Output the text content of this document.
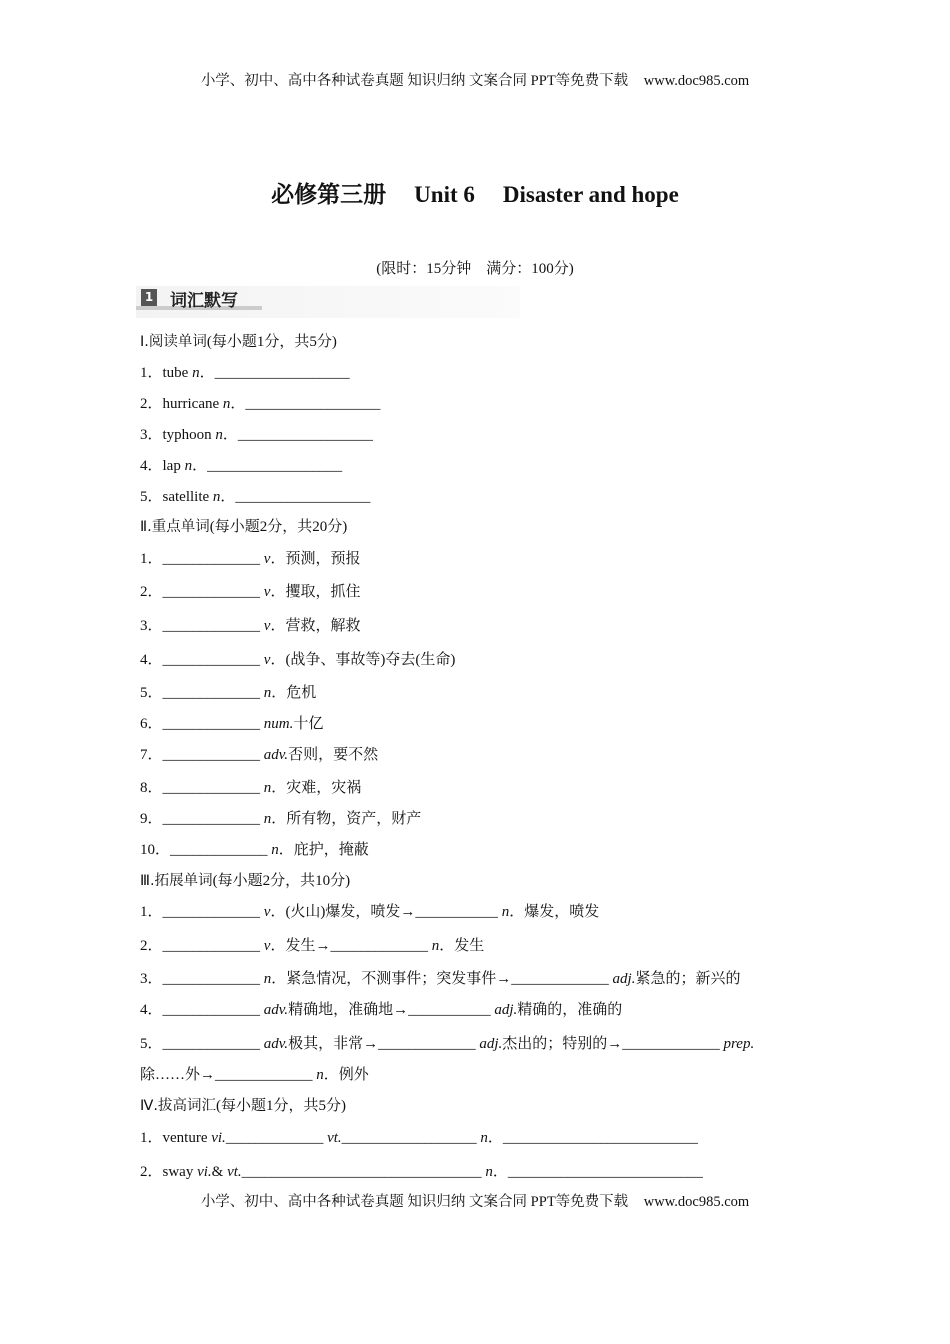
小学、初中、高中各种试卷真题 知识归纳 文案合同 PPT等免费下载 www.doc985.com
必修第三册 Unit 6 Disaster and hope
(限时：15分钟　满分：100分)
1 词汇默写
Ⅰ.阅读单词(每小题1分，共5分)
1．tube n．__________________
2．hurricane n．__________________
3．typhoon n．__________________
4．lap n．__________________
5．satellite n．__________________
Ⅱ.重点单词(每小题2分，共20分)
1．_____________ v．预测，预报
2．_____________ v．攫取，抓住
3．_____________ v．营救，解救
4．_____________ v．(战争、事故等)夺去(生命)
5．_____________ n．危机
6．_____________ num.十亿
7．_____________ adv.否则，要不然
8．_____________ n．灾难，灾祸
9．_____________ n．所有物，资产，财产
10．_____________ n．庇护，掩蔽
Ⅲ.拓展单词(每小题2分，共10分)
1．_____________ v．(火山)爆发，喷发→___________ n．爆发，喷发
2．_____________ v．发生→_____________ n．发生
3．_____________ n．紧急情况，不测事件；突发事件→_____________ adj.紧急的；新兴的
4．_____________ adv.精确地，准确地→___________ adj.精确的，准确的
5．_____________ adv.极其，非常→_____________ adj.杰出的；特别的→_____________ prep.
除……外→_____________ n．例外
Ⅳ.拔高词汇(每小题1分，共5分)
1．venture vi._____________ vt.__________________ n．__________________________
2．sway vi.& vt.________________________________ n．__________________________
小学、初中、高中各种试卷真题 知识归纳 文案合同 PPT等免费下载 www.doc985.com
